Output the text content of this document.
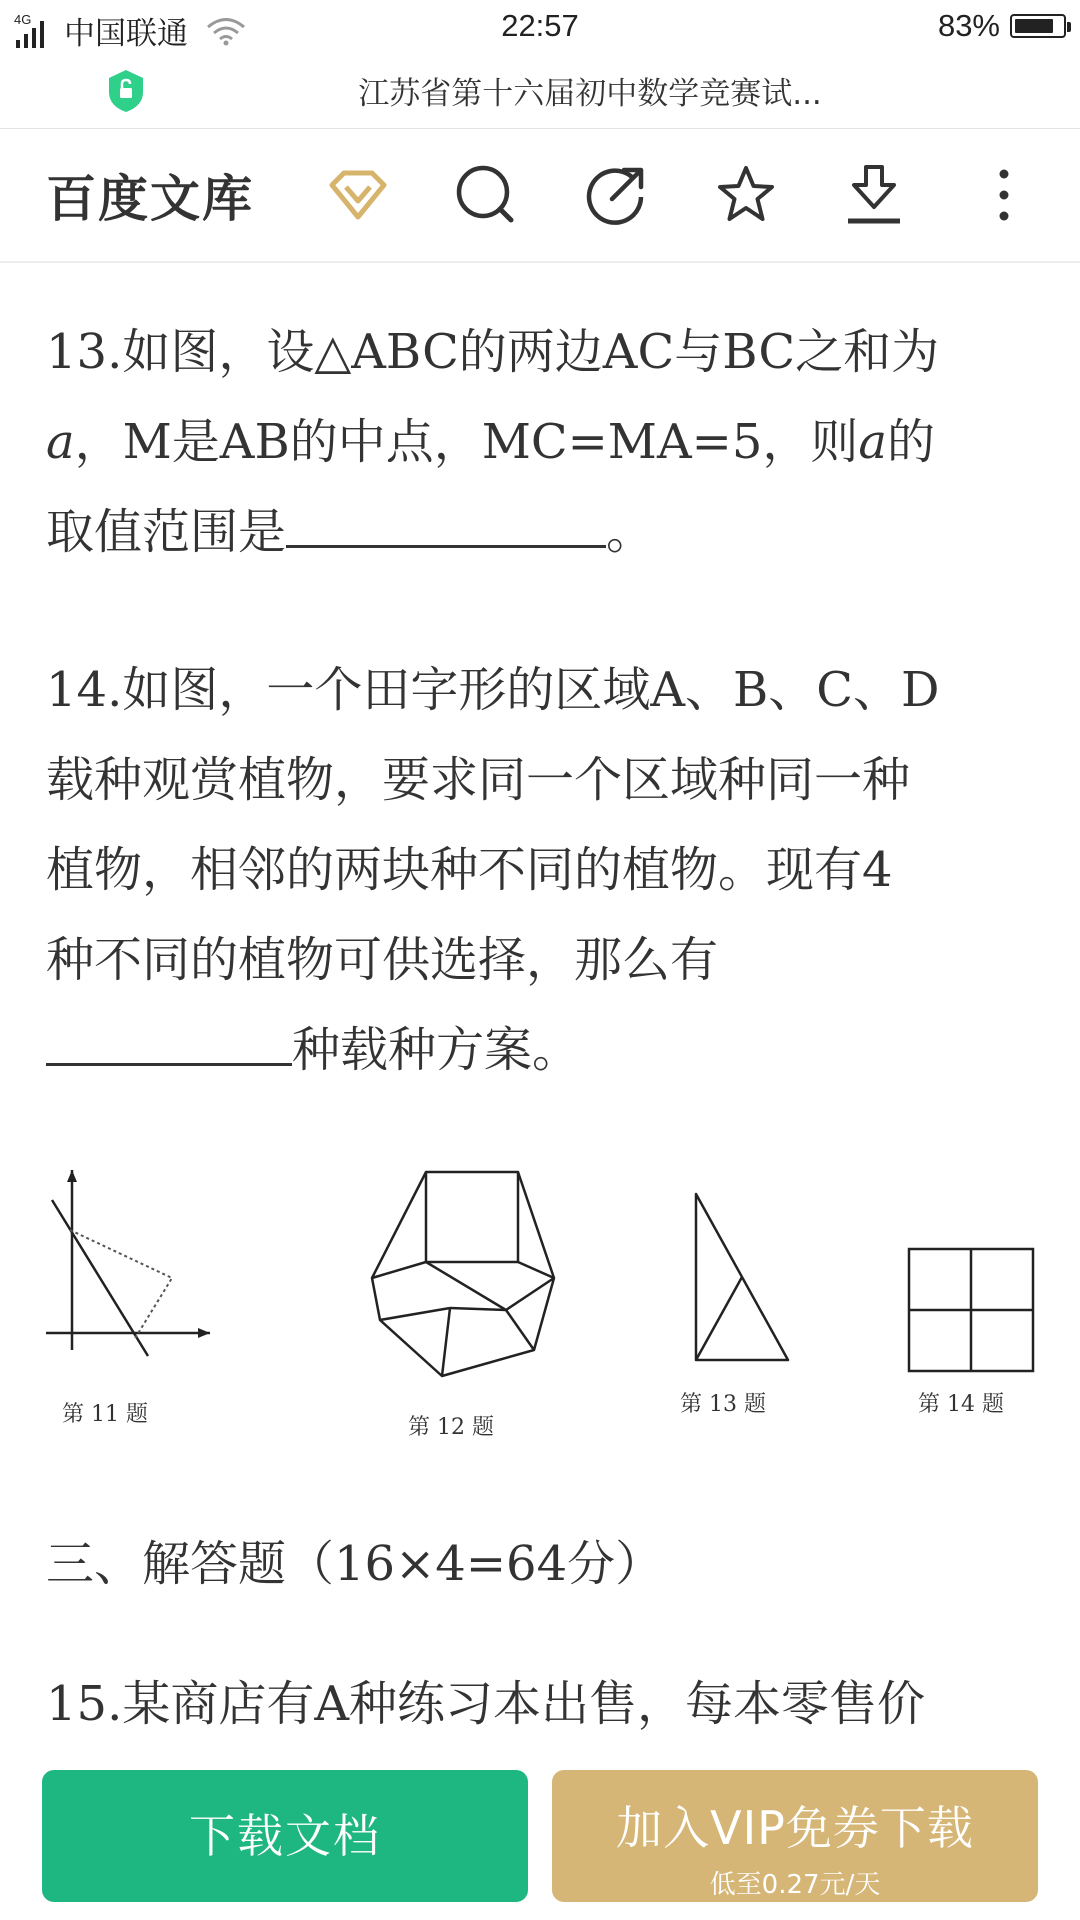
4G 中国联通	22:57	83%
江苏省第十六届初中数学竞赛试...
百度文库
13.如图，设△ABC的两边AC与BC之和为
a，M是AB的中点，MC=MA=5，则a的
取值范围是	。
14.如图，一个田字形的区域A、B、C、D
载种观赏植物，要求同一个区域种同一种
植物，相邻的两块种不同的植物。现有4
种不同的植物可供选择，那么有
种载种方案。
第 11 题
第 12 题
第 13 题	第 14 题
三、解答题（16×4=64分）
15.某商店有A种练习本出售，每本零售价
下载文档	加入VIP免券下载
低至0.27元/天
